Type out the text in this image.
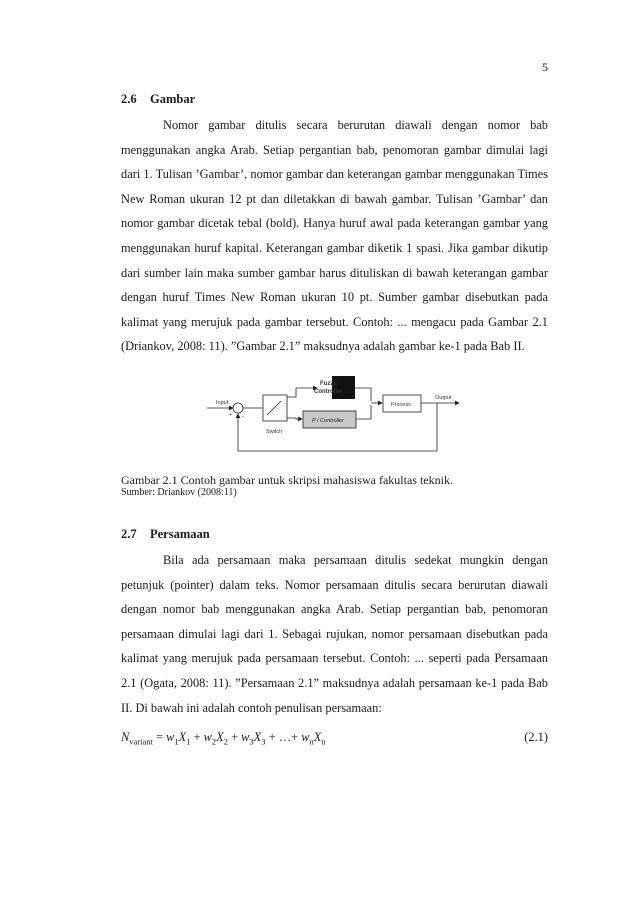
5
2.6 Gambar

Nomor gambar ditulis secara berurutan diawali dengan nomor bab menggunakan angka Arab. Setiap pergantian bab, penomoran gambar dimulai lagi dari 1. Tulisan ’Gambar’, nomor gambar dan keterangan gambar menggunakan Times New Roman ukuran 12 pt dan diletakkan di bawah gambar. Tulisan ’Gambar’ dan nomor gambar dicetak tebal (bold). Hanya huruf awal pada keterangan gambar yang menggunakan huruf kapital. Keterangan gambar diketik 1 spasi. Jika gambar dikutip dari sumber lain maka sumber gambar harus dituliskan di bawah keterangan gambar dengan huruf Times New Roman ukuran 10 pt. Sumber gambar disebutkan pada kalimat yang merujuk pada gambar tersebut. Contoh: ... mengacu pada Gambar 2.1 (Driankov, 2008: 11). ”Gambar 2.1” maksudnya adalah gambar ke-1 pada Bab II.

Input
+ -
Switch
Fuzzy
Controller
P I Controller
Process
Output
Gambar 2.1 Contoh gambar untuk skripsi mahasiswa fakultas teknik.
Sumber: Driankov (2008:11)
2.7 Persamaan

Bila ada persamaan maka persamaan ditulis sedekat mungkin dengan petunjuk (pointer) dalam teks. Nomor persamaan ditulis secara berurutan diawali dengan nomor bab menggunakan angka Arab. Setiap pergantian bab, penomoran persamaan dimulai lagi dari 1. Sebagai rujukan, nomor persamaan disebutkan pada kalimat yang merujuk pada persamaan tersebut. Contoh: ... seperti pada Persamaan 2.1 (Ogata, 2008: 11). ”Persamaan 2.1” maksudnya adalah persamaan ke-1 pada Bab II. Di bawah ini adalah contoh penulisan persamaan:

$N_{variant} = w_1X_1 + w_2X_2 + w_3X_3$ + …+ $w_nX_n$	(2.1)
